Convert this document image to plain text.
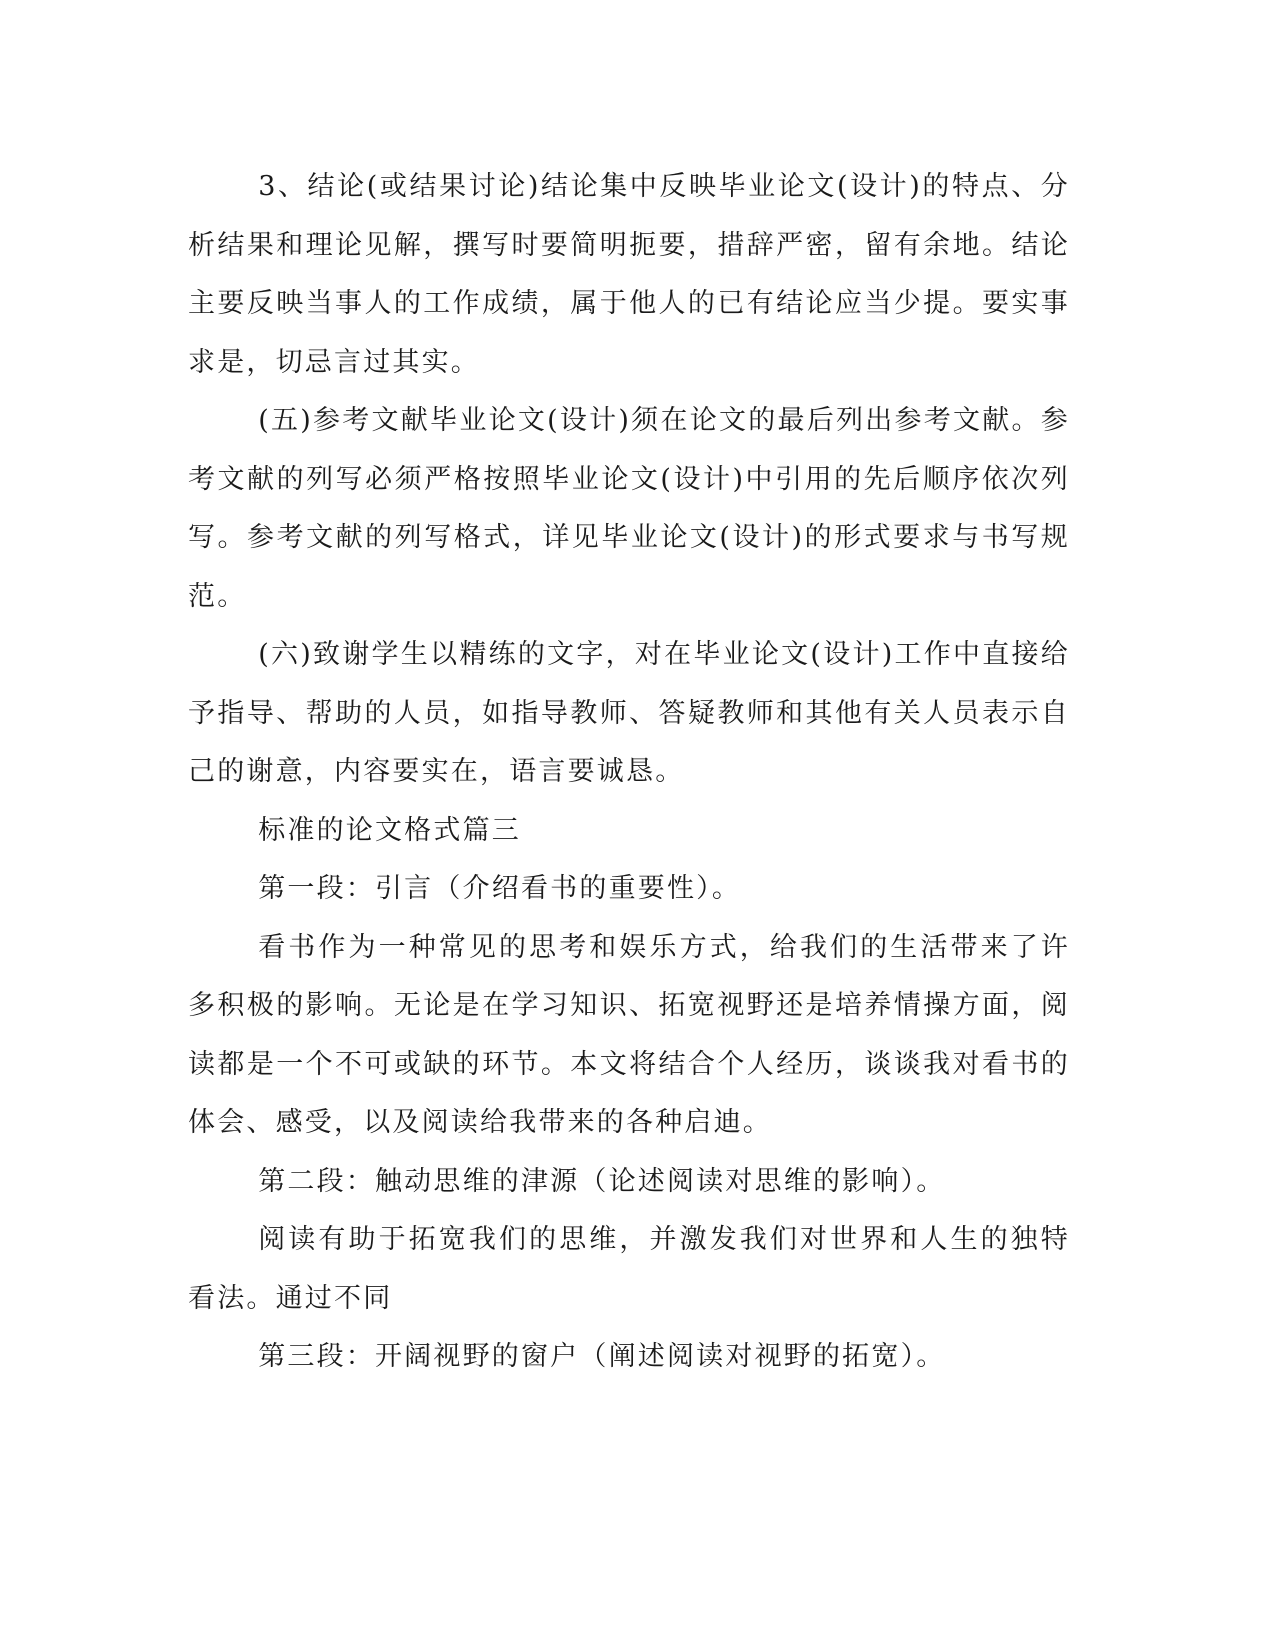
3、结论(或结果讨论)结论集中反映毕业论文(设计)的特点、分析结果和理论见解，撰写时要简明扼要，措辞严密，留有余地。结论主要反映当事人的工作成绩，属于他人的已有结论应当少提。要实事求是，切忌言过其实。

(五)参考文献毕业论文(设计)须在论文的最后列出参考文献。参考文献的列写必须严格按照毕业论文(设计)中引用的先后顺序依次列写。参考文献的列写格式，详见毕业论文(设计)的形式要求与书写规范。

(六)致谢学生以精练的文字，对在毕业论文(设计)工作中直接给予指导、帮助的人员，如指导教师、答疑教师和其他有关人员表示自己的谢意，内容要实在，语言要诚恳。

标准的论文格式篇三

第一段：引言（介绍看书的重要性）。

看书作为一种常见的思考和娱乐方式，给我们的生活带来了许多积极的影响。无论是在学习知识、拓宽视野还是培养情操方面，阅读都是一个不可或缺的环节。本文将结合个人经历，谈谈我对看书的体会、感受，以及阅读给我带来的各种启迪。

第二段：触动思维的津源（论述阅读对思维的影响）。

阅读有助于拓宽我们的思维，并激发我们对世界和人生的独特看法。通过不同

第三段：开阔视野的窗户（阐述阅读对视野的拓宽）。
